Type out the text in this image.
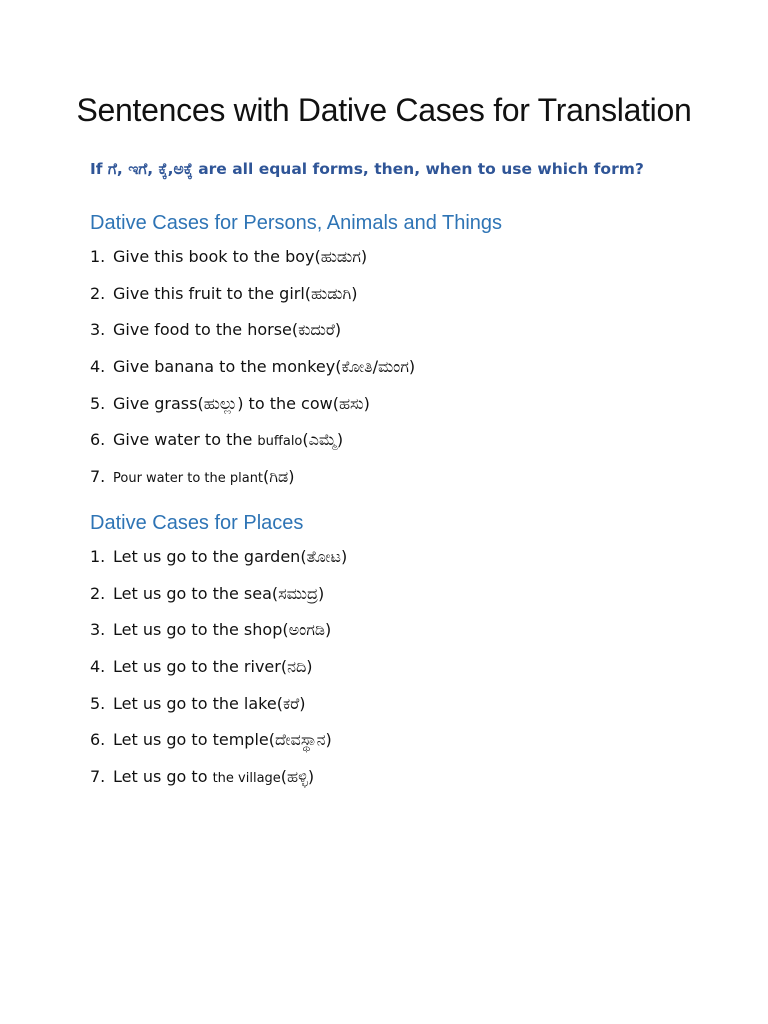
Sentences with Dative Cases for Translation

If ಗೆ, ಇಗೆ, ಕ್ಕೆ,ಅಕ್ಕೆ are all equal forms, then, when to use which form?

Dative Cases for Persons, Animals and Things
1. Give this book to the boy(ಹುಡುಗ)
2. Give this fruit to the girl(ಹುಡುಗಿ)
3. Give food to the horse(ಕುದುರೆ)
4. Give banana to the monkey(ಕೋತಿ/ಮಂಗ)
5. Give grass(ಹುಲ್ಲು) to the cow(ಹಸು)
6. Give water to the buffalo(ಎಮ್ಮೆ)
7. Pour water to the plant(ಗಿಡ)
Dative Cases for Places
1. Let us go to the garden(ತೋಟ)
2. Let us go to the sea(ಸಮುದ್ರ)
3. Let us go to the shop(ಅಂಗಡಿ)
4. Let us go to the river(ನದಿ)
5. Let us go to the lake(ಕರೆ)
6. Let us go to temple(ದೇವಸ್ಥಾನ)
7. Let us go to the village(ಹಳ್ಳಿ)
